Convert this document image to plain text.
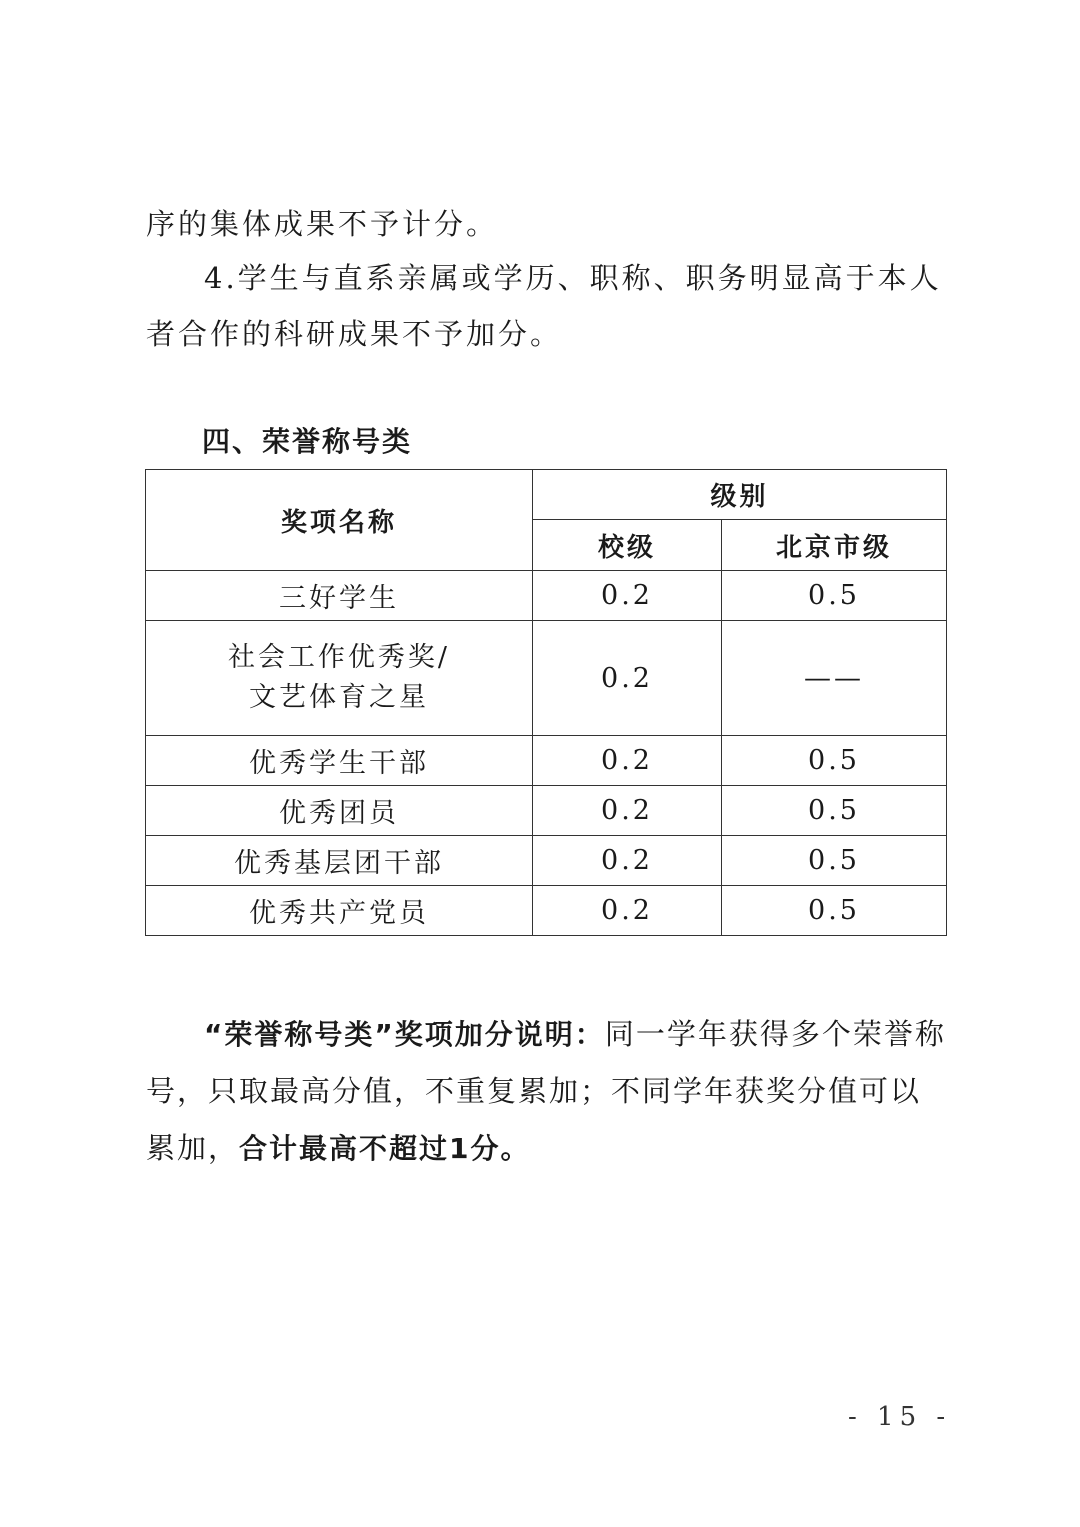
序的集体成果不予计分。

4.学生与直系亲属或学历、职称、职务明显高于本人者合作的科研成果不予加分。

四、荣誉称号类
奖项名称	级别	
	校级	北京市级
三好学生	0.2	0.5

社会工作优秀奖/
文艺体育之星	0.2	——
优秀学生干部	0.2	0.5
优秀团员	0.2	0.5
优秀基层团干部	0.2	0.5
优秀共产党员	0.2	0.5

“荣誉称号类”奖项加分说明：同一学年获得多个荣誉称号，只取最高分值，不重复累加；不同学年获奖分值可以累加，合计最高不超过1分。

- 15 -
